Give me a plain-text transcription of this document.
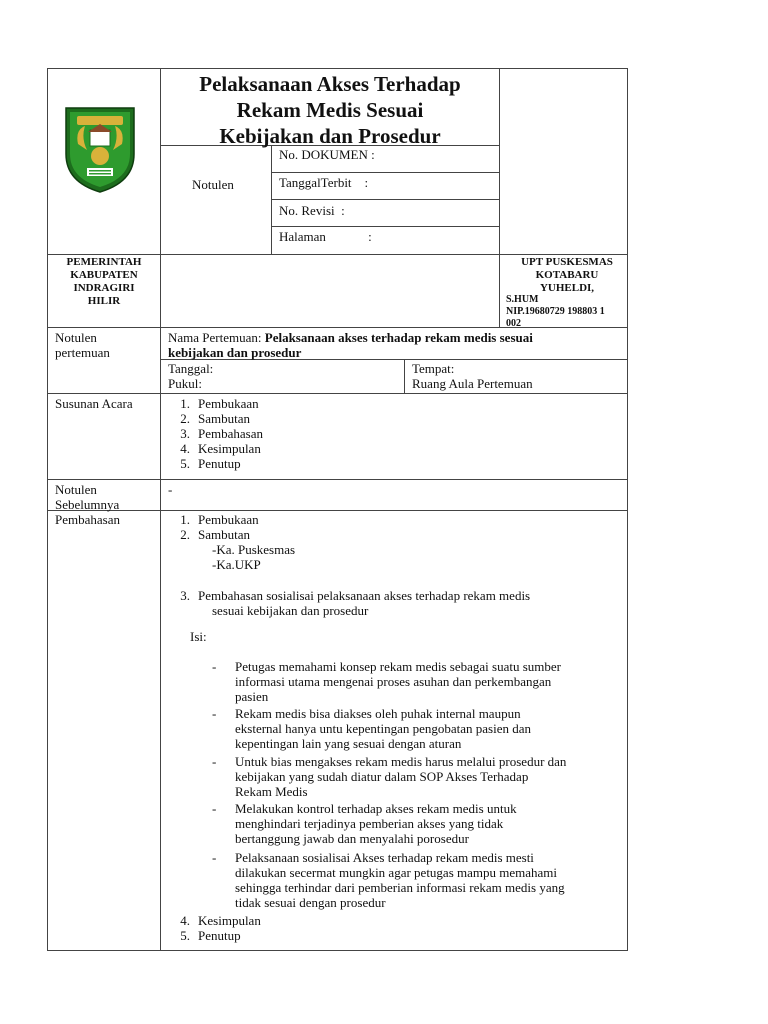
Pelaksanaan Akses Terhadap
Rekam Medis Sesuai
Kebijakan dan Prosedur
Notulen
No. DOKUMEN :
TanggalTerbit    :
No. Revisi  :
Halaman             :
PEMERINTAH
KABUPATEN
INDRAGIRI
HILIR
UPT PUSKESMAS
KOTABARU
YUHELDI,
S.HUM
NIP.19680729 198803 1
002
Notulen
pertemuan
Nama Pertemuan: Pelaksanaan akses terhadap rekam medis sesuai
kebijakan dan prosedur
Tanggal:
Pukul:
Tempat:
Ruang Aula Pertemuan
Susunan Acara	1. Pembukaan
2. Sambutan
3. Pembahasan
4. Kesimpulan
5. Penutup
Notulen
Sebelumnya
-
Pembahasan	1. Pembukaan
2. Sambutan
-Ka. Puskesmas
-Ka.UKP
3. Pembahasan sosialisai pelaksanaan akses terhadap rekam medis
sesuai kebijakan dan prosedur
Isi:
- Petugas memahami konsep rekam medis sebagai suatu sumber
informasi utama mengenai proses asuhan dan perkembangan
pasien
- Rekam medis bisa diakses oleh puhak internal maupun
eksternal hanya untu kepentingan pengobatan pasien dan
kepentingan lain yang sesuai dengan aturan
- Untuk bias mengakses rekam medis harus melalui prosedur dan
kebijakan yang sudah diatur dalam SOP Akses Terhadap
Rekam Medis
- Melakukan kontrol terhadap akses rekam medis untuk
menghindari terjadinya pemberian akses yang tidak
bertanggung jawab dan menyalahi porosedur
- Pelaksanaan sosialisai Akses terhadap rekam medis mesti
dilakukan secermat mungkin agar petugas mampu memahami
sehingga terhindar dari pemberian informasi rekam medis yang
tidak sesuai dengan prosedur
4. Kesimpulan
5. Penutup
